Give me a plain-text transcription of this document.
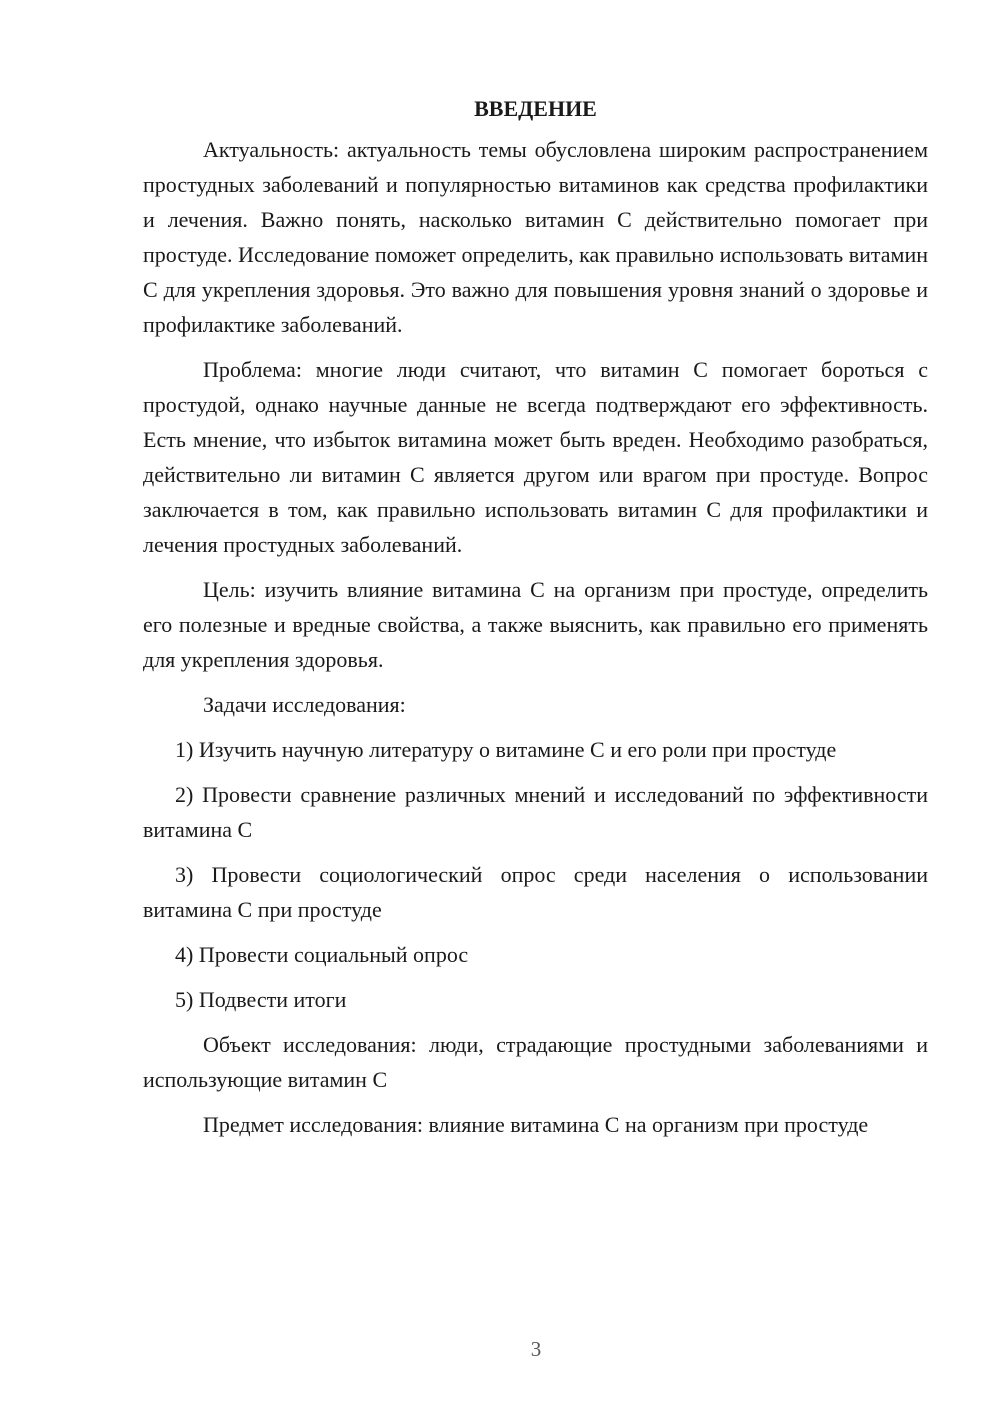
ВВЕДЕНИЕ

Актуальность: актуальность темы обусловлена широким распространением простудных заболеваний и популярностью витаминов как средства профилактики и лечения. Важно понять, насколько витамин С действительно помогает при простуде. Исследование поможет определить, как правильно использовать витамин С для укрепления здоровья. Это важно для повышения уровня знаний о здоровье и профилактике заболеваний.

Проблема: многие люди считают, что витамин С помогает бороться с простудой, однако научные данные не всегда подтверждают его эффективность. Есть мнение, что избыток витамина может быть вреден. Необходимо разобраться, действительно ли витамин С является другом или врагом при простуде. Вопрос заключается в том, как правильно использовать витамин С для профилактики и лечения простудных заболеваний.

Цель: изучить влияние витамина С на организм при простуде, определить его полезные и вредные свойства, а также выяснить, как правильно его применять для укрепления здоровья.

Задачи исследования:

1) Изучить научную литературу о витамине С и его роли при простуде

2) Провести сравнение различных мнений и исследований по эффективности витамина С

3) Провести социологический опрос среди населения о использовании витамина С при простуде

4) Провести социальный опрос

5) Подвести итоги

Объект исследования: люди, страдающие простудными заболеваниями и использующие витамин С

Предмет исследования: влияние витамина С на организм при простуде

3
